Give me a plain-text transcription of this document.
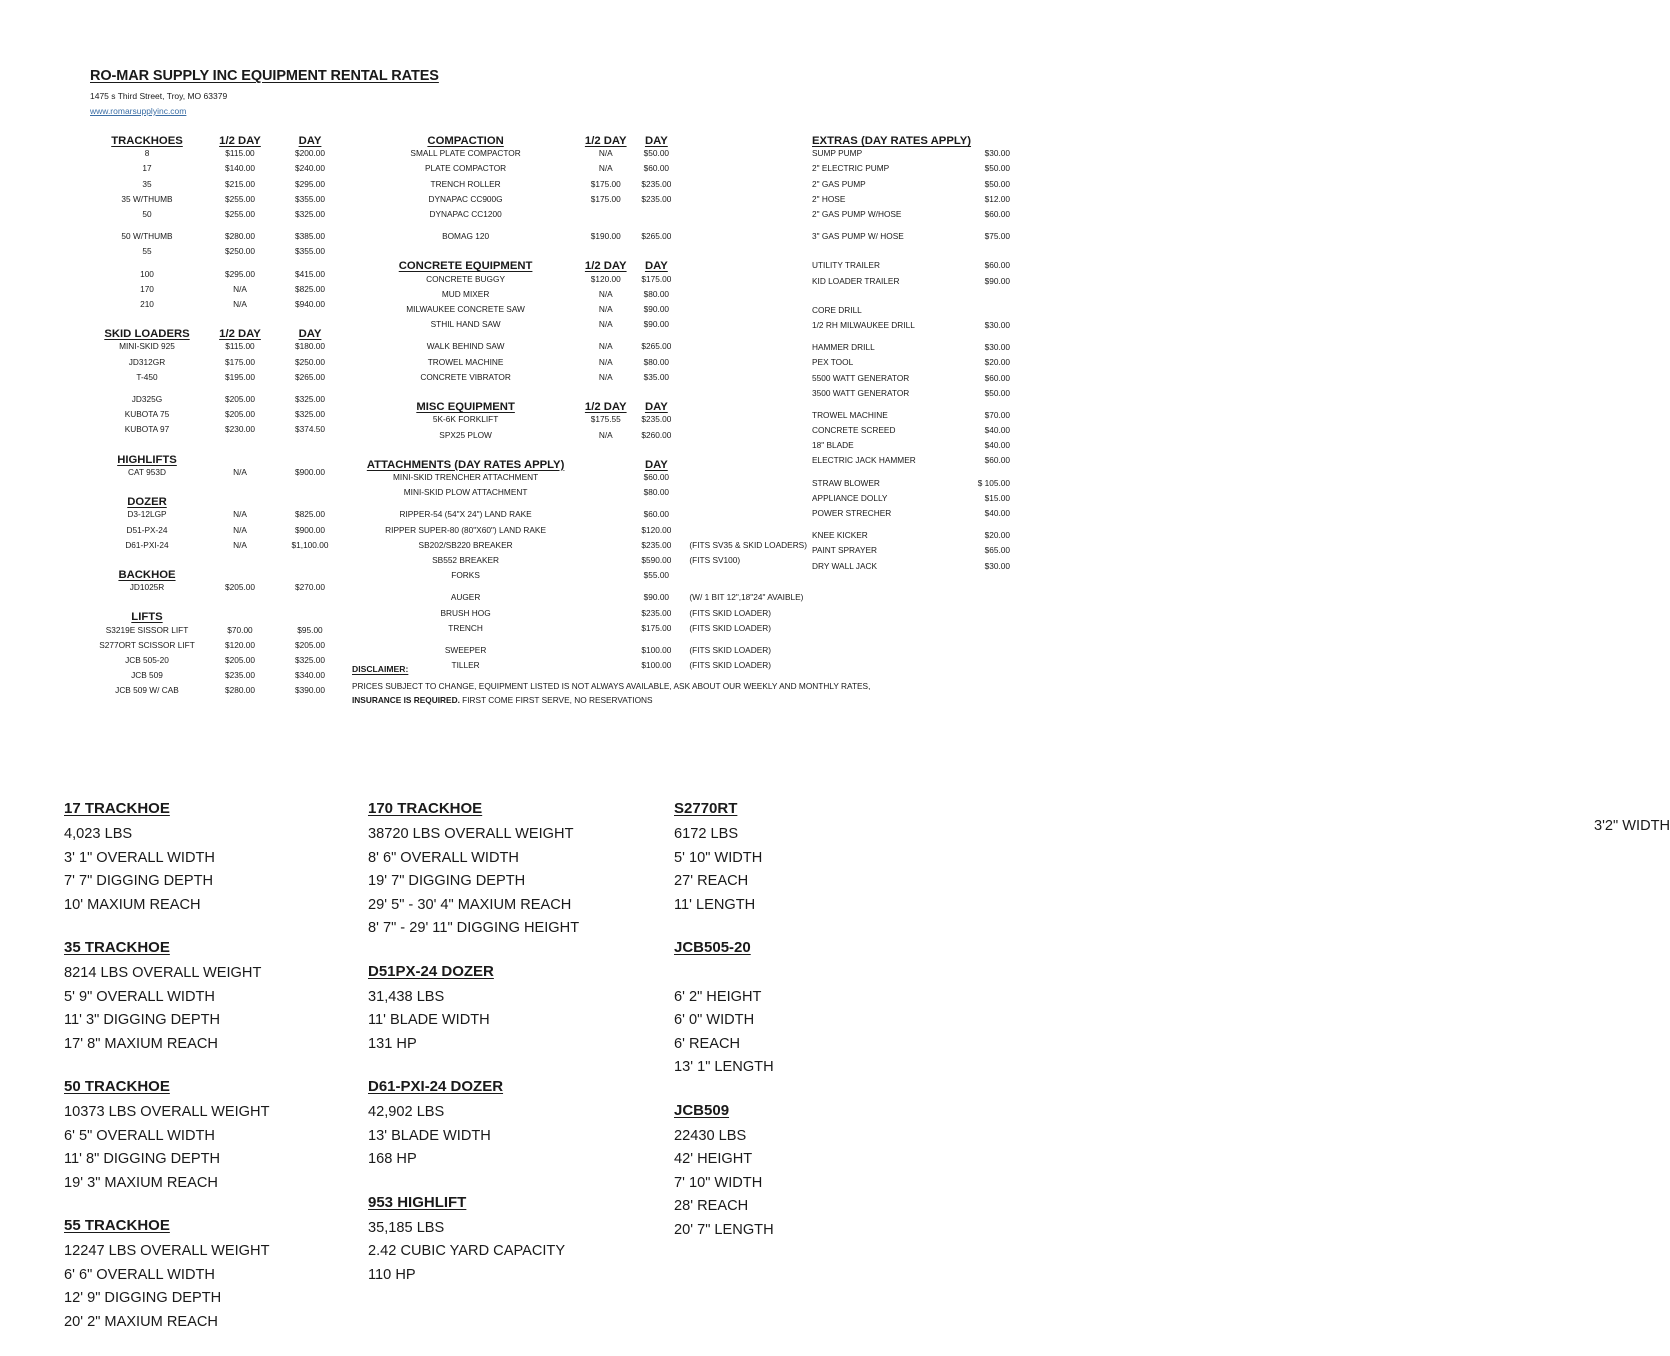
RO-MAR SUPPLY INC EQUIPMENT RENTAL RATES
1475 s Third Street, Troy, MO 63379
www.romarsupplyinc.com
TRACKHOES	1/2 DAY	DAY
8	$115.00	$200.00
17	$140.00	$240.00
35	$215.00	$295.00
35 W/THUMB	$255.00	$355.00
50	$255.00	$325.00

50 W/THUMB	$280.00	$385.00
55	$250.00	$355.00

100	$295.00	$415.00
170	N/A	$825.00
210	N/A	$940.00

SKID LOADERS	1/2 DAY	DAY
MINI-SKID 925	$115.00	$180.00
JD312GR	$175.00	$250.00
T-450	$195.00	$265.00

JD325G	$205.00	$325.00
KUBOTA 75	$205.00	$325.00
KUBOTA 97	$230.00	$374.50

HIGHLIFTS		
CAT 953D	N/A	$900.00

DOZER		
D3-12LGP	N/A	$825.00
D51-PX-24	N/A	$900.00
D61-PXI-24	N/A	$1,100.00

BACKHOE		
JD1025R	$205.00	$270.00

LIFTS		
S3219E SISSOR LIFT	$70.00	$95.00
S277ORT SCISSOR LIFT	$120.00	$205.00
JCB 505-20	$205.00	$325.00
JCB 509	$235.00	$340.00
JCB 509 W/ CAB	$280.00	$390.00
COMPACTION	1/2 DAY	DAY	
SMALL PLATE COMPACTOR	N/A	$50.00	
PLATE COMPACTOR	N/A	$60.00	
TRENCH ROLLER	$175.00	$235.00	
DYNAPAC CC900G	$175.00	$235.00	
DYNAPAC CC1200			

BOMAG 120	$190.00	$265.00	

CONCRETE EQUIPMENT	1/2 DAY	DAY	
CONCRETE BUGGY	$120.00	$175.00	
MUD MIXER	N/A	$80.00	
MILWAUKEE CONCRETE SAW	N/A	$90.00	
STHIL HAND SAW	N/A	$90.00	

WALK BEHIND SAW	N/A	$265.00	
TROWEL MACHINE	N/A	$80.00	
CONCRETE VIBRATOR	N/A	$35.00	

MISC EQUIPMENT	1/2 DAY	DAY	
5K-6K FORKLIFT	$175.55	$235.00	
SPX25 PLOW	N/A	$260.00	

ATTACHMENTS (DAY RATES APPLY)		DAY	
MINI-SKID TRENCHER ATTACHMENT		$60.00	
MINI-SKID PLOW ATTACHMENT		$80.00	

RIPPER-54 (54"X 24") LAND RAKE		$60.00	
RIPPER SUPER-80 (80"X60") LAND RAKE		$120.00	
SB202/SB220 BREAKER		$235.00	(FITS SV35 & SKID LOADERS)
SB552 BREAKER		$590.00	(FITS SV100)
FORKS		$55.00	

AUGER		$90.00	(W/ 1 BIT 12",18"24" AVAIBLE)
BRUSH HOG		$235.00	(FITS SKID LOADER)
TRENCH		$175.00	(FITS SKID LOADER)

SWEEPER		$100.00	(FITS SKID LOADER)
TILLER		$100.00	(FITS SKID LOADER)
EXTRAS (DAY RATES APPLY)	
SUMP PUMP	$30.00
2" ELECTRIC PUMP	$50.00
2" GAS PUMP	$50.00
2" HOSE	$12.00
2" GAS PUMP W/HOSE	$60.00

3" GAS PUMP W/ HOSE	$75.00

UTILITY TRAILER	$60.00
KID LOADER TRAILER	$90.00

CORE DRILL	
1/2 RH MILWAUKEE DRILL	$30.00

HAMMER DRILL	$30.00
PEX TOOL	$20.00
5500 WATT GENERATOR	$60.00
3500 WATT GENERATOR	$50.00

TROWEL MACHINE	$70.00
CONCRETE SCREED	$40.00
18" BLADE	$40.00
ELECTRIC JACK HAMMER	$60.00

STRAW BLOWER	$ 105.00
APPLIANCE DOLLY	$15.00
POWER STRECHER	$40.00

KNEE KICKER	$20.00
PAINT SPRAYER	$65.00
DRY WALL JACK	$30.00
DISCLAIMER:
PRICES SUBJECT TO CHANGE, EQUIPMENT LISTED IS NOT ALWAYS AVAILABLE, ASK ABOUT OUR WEEKLY AND MONTHLY RATES,
INSURANCE IS REQUIRED. FIRST COME FIRST SERVE, NO RESERVATIONS
17 TRACKHOE
4,023 LBS
3' 1" OVERALL WIDTH
7' 7" DIGGING DEPTH
10' MAXIUM REACH
35 TRACKHOE
8214 LBS OVERALL WEIGHT
5' 9" OVERALL WIDTH
11' 3" DIGGING DEPTH
17' 8" MAXIUM REACH
50 TRACKHOE
10373 LBS OVERALL WEIGHT
6' 5" OVERALL WIDTH
11' 8" DIGGING DEPTH
19' 3" MAXIUM REACH
55 TRACKHOE
12247 LBS OVERALL WEIGHT
6' 6" OVERALL WIDTH
12' 9" DIGGING DEPTH
20' 2" MAXIUM REACH
170 TRACKHOE
38720 LBS OVERALL WEIGHT
8' 6" OVERALL WIDTH
19' 7" DIGGING DEPTH
29' 5" - 30' 4" MAXIUM REACH
8' 7" - 29' 11" DIGGING HEIGHT
D51PX-24 DOZER
31,438 LBS
11' BLADE WIDTH
131 HP
D61-PXI-24 DOZER
42,902 LBS
13' BLADE WIDTH
168 HP
953 HIGHLIFT
35,185 LBS
2.42 CUBIC YARD CAPACITY
110 HP
3'2" WIDTH
S2770RT
6172 LBS
5' 10" WIDTH
27' REACH
11' LENGTH
JCB505-20
6' 2" HEIGHT
6' 0" WIDTH
6' REACH
13' 1" LENGTH
JCB509
22430 LBS
42' HEIGHT
7' 10" WIDTH
28' REACH
20' 7" LENGTH
